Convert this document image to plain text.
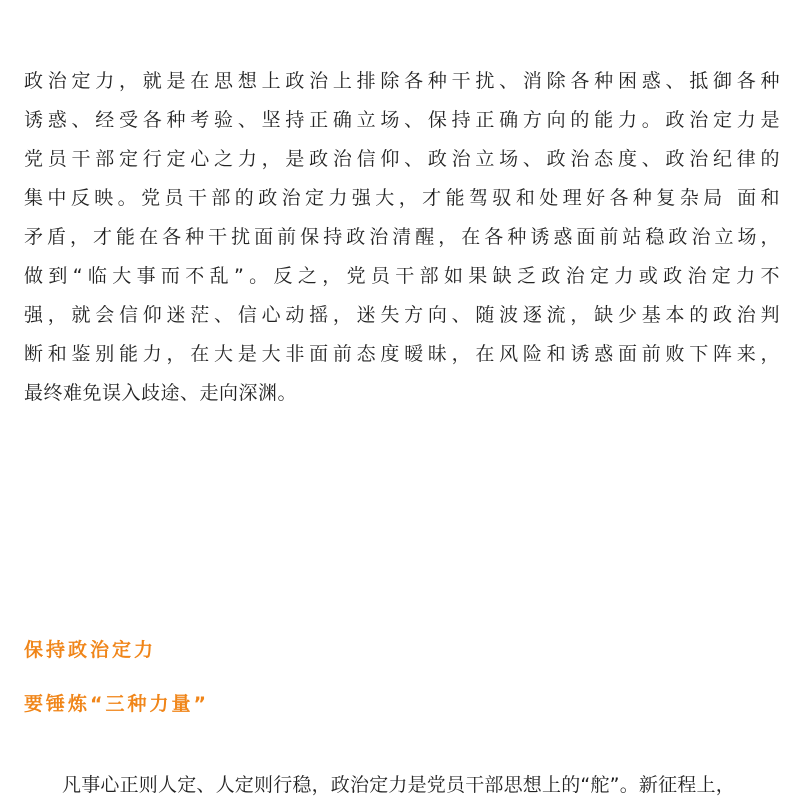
政治定力，就是在思想上政治上排除各种干扰、消除各种困惑、抵御各种
诱惑、经受各种考验、坚持正确立场、保持正确方向的能力。政治定力是
党员干部定行定心之力，是政治信仰、政治立场、政治态度、政治纪律的
集中反映。党员干部的政治定力强大，才能驾驭和处理好各种复杂局 面和
矛盾，才能在各种干扰面前保持政治清醒，在各种诱惑面前站稳政治立场，
做到“临大事而不乱”。反之，党员干部如果缺乏政治定力或政治定力不
强，就会信仰迷茫、信心动摇，迷失方向、随波逐流，缺少基本的政治判
断和鉴别能力，在大是大非面前态度暧昧，在风险和诱惑面前败下阵来，
最终难免误入歧途、走向深渊。
保持政治定力
要锤炼“三种力量”
凡事心正则人定、人定则行稳，政治定力是党员干部思想上的“舵”。新征程上，
